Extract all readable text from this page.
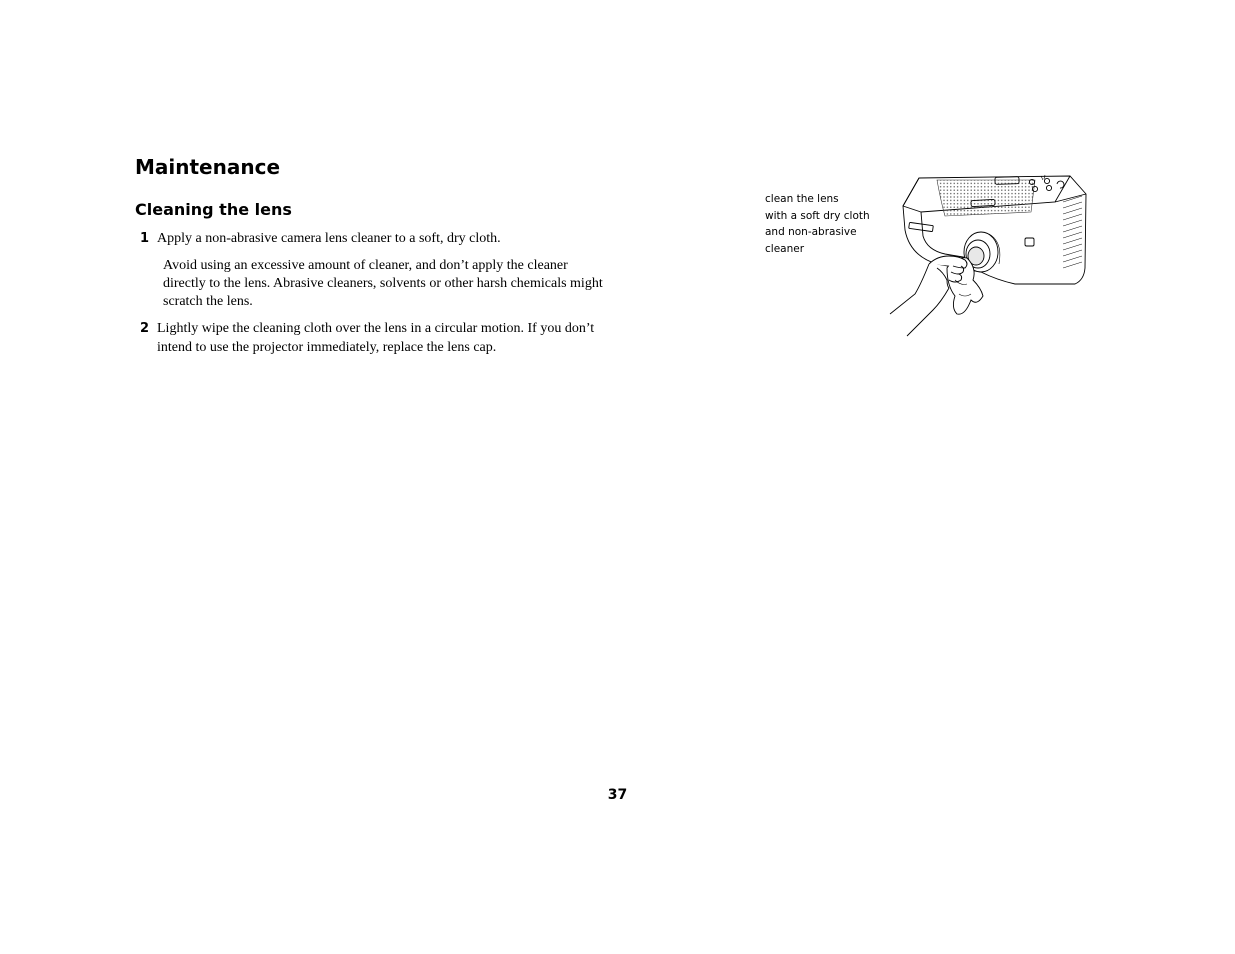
Maintenance
Cleaning the lens
1 Apply a non-abrasive camera lens cleaner to a soft, dry cloth.
Avoid using an excessive amount of cleaner, and don’t apply the cleaner directly to the lens. Abrasive cleaners, solvents or other harsh chemicals might scratch the lens.
2 Lightly wipe the cleaning cloth over the lens in a circular motion. If you don’t intend to use the projector immediately, replace the lens cap.
clean the lens
with a soft dry cloth
and non-abrasive
cleaner
37
